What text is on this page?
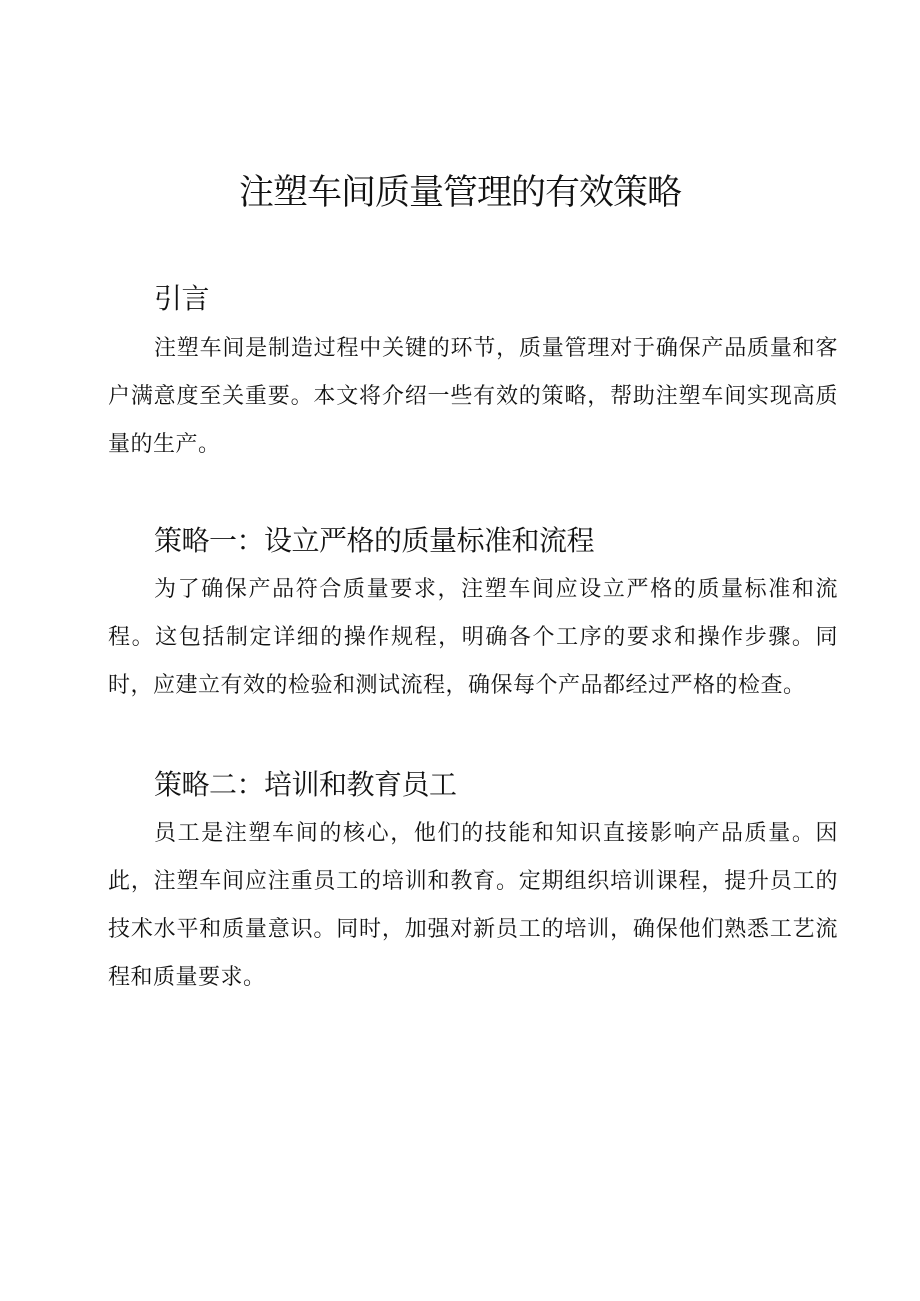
注塑车间质量管理的有效策略
引言

注塑车间是制造过程中关键的环节，质量管理对于确保产品质量和客户满意度至关重要。本文将介绍一些有效的策略，帮助注塑车间实现高质量的生产。

策略一：设立严格的质量标准和流程

为了确保产品符合质量要求，注塑车间应设立严格的质量标准和流程。这包括制定详细的操作规程，明确各个工序的要求和操作步骤。同时，应建立有效的检验和测试流程，确保每个产品都经过严格的检查。

策略二：培训和教育员工

员工是注塑车间的核心，他们的技能和知识直接影响产品质量。因此，注塑车间应注重员工的培训和教育。定期组织培训课程，提升员工的技术水平和质量意识。同时，加强对新员工的培训，确保他们熟悉工艺流程和质量要求。
